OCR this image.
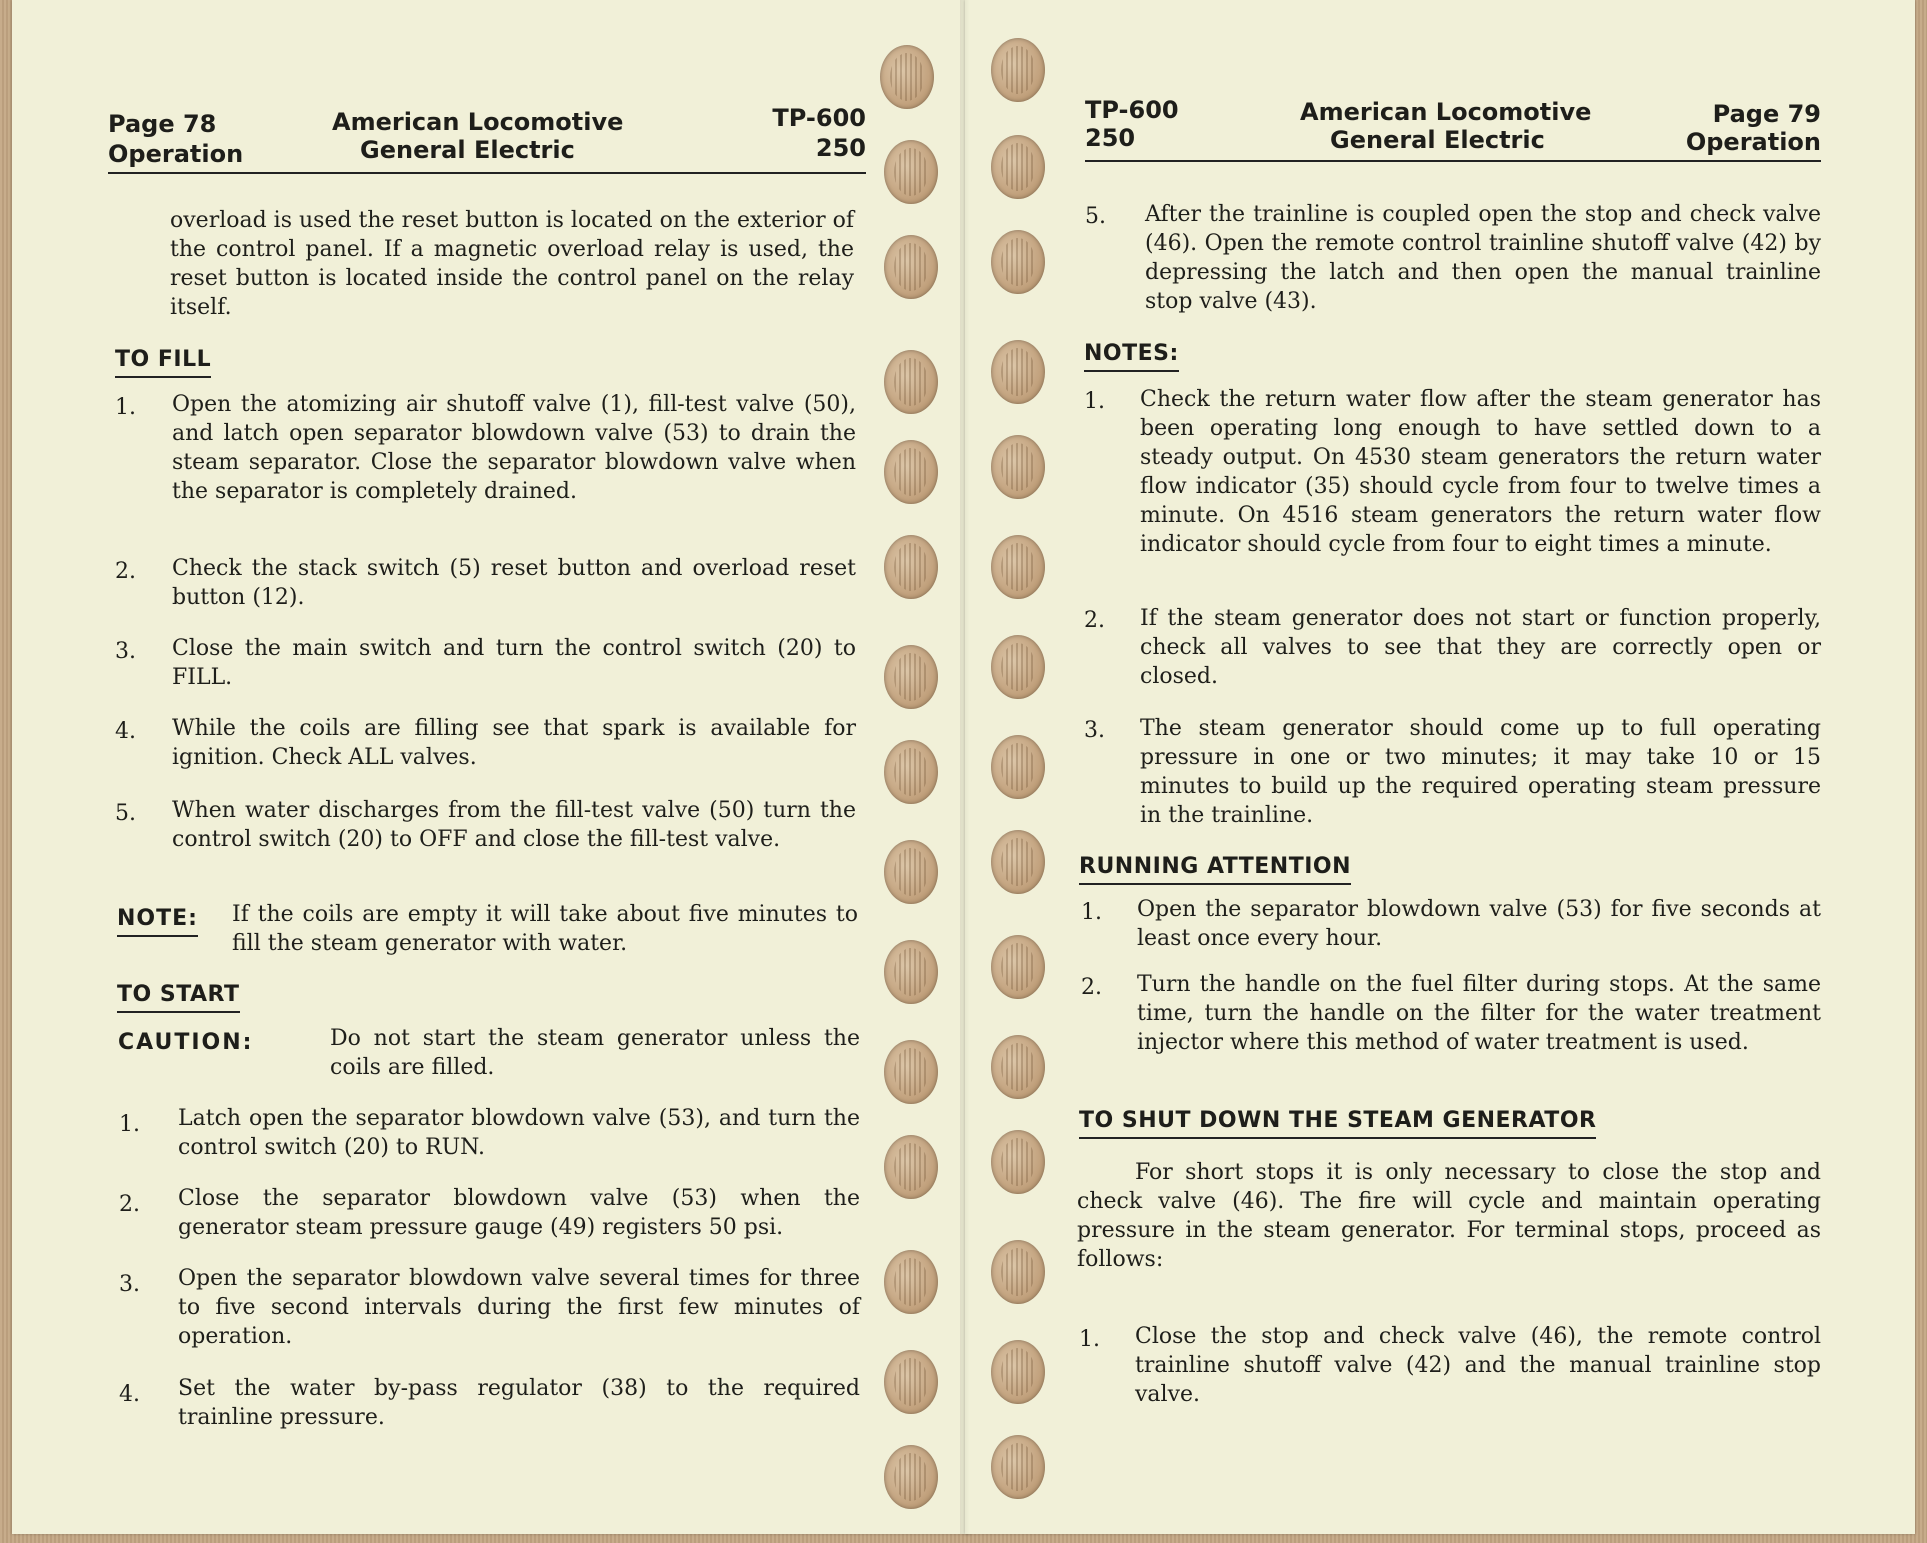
Page 78
Operation
American Locomotive
General Electric
TP-600
250
overload is used the reset button is located on the exterior of the control panel. If a magnetic overload relay is used, the reset button is located inside the control panel on the relay itself.
TO FILL
1. Open the atomizing air shutoff valve (1), fill-test valve (50), and latch open separator blowdown valve (53) to drain the steam separator. Close the separator blowdown valve when the separator is completely drained.
2. Check the stack switch (5) reset button and overload reset button (12).
3. Close the main switch and turn the control switch (20) to FILL.
4. While the coils are filling see that spark is available for ignition. Check ALL valves.
5. When water discharges from the fill-test valve (50) turn the control switch (20) to OFF and close the fill-test valve.
NOTE: If the coils are empty it will take about five minutes to fill the steam generator with water.
TO START
CAUTION:	Do not start the steam generator unless the coils are filled.
1. Latch open the separator blowdown valve (53), and turn the control switch (20) to RUN.
2. Close the separator blowdown valve (53) when the generator steam pressure gauge (49) registers 50 psi.
3. Open the separator blowdown valve several times for three to five second intervals during the first few minutes of operation.
4. Set the water by-pass regulator (38) to the required trainline pressure.
TP-600
250
American Locomotive
General Electric
Page 79
Operation
5. After the trainline is coupled open the stop and check valve (46). Open the remote control trainline shutoff valve (42) by depressing the latch and then open the manual trainline stop valve (43).
NOTES:
1. Check the return water flow after the steam generator has been operating long enough to have settled down to a steady output. On 4530 steam generators the return water flow indicator (35) should cycle from four to twelve times a minute. On 4516 steam generators the return water flow indicator should cycle from four to eight times a minute.
2. If the steam generator does not start or function properly, check all valves to see that they are correctly open or closed.
3. The steam generator should come up to full operating pressure in one or two minutes; it may take 10 or 15 minutes to build up the required operating steam pressure in the trainline.
RUNNING ATTENTION
1. Open the separator blowdown valve (53) for five seconds at least once every hour.
2. Turn the handle on the fuel filter during stops. At the same time, turn the handle on the filter for the water treatment injector where this method of water treatment is used.
TO SHUT DOWN THE STEAM GENERATOR
For short stops it is only necessary to close the stop and check valve (46). The fire will cycle and maintain operating pressure in the steam generator. For terminal stops, proceed as follows:
1. Close the stop and check valve (46), the remote control trainline shutoff valve (42) and the manual trainline stop valve.
